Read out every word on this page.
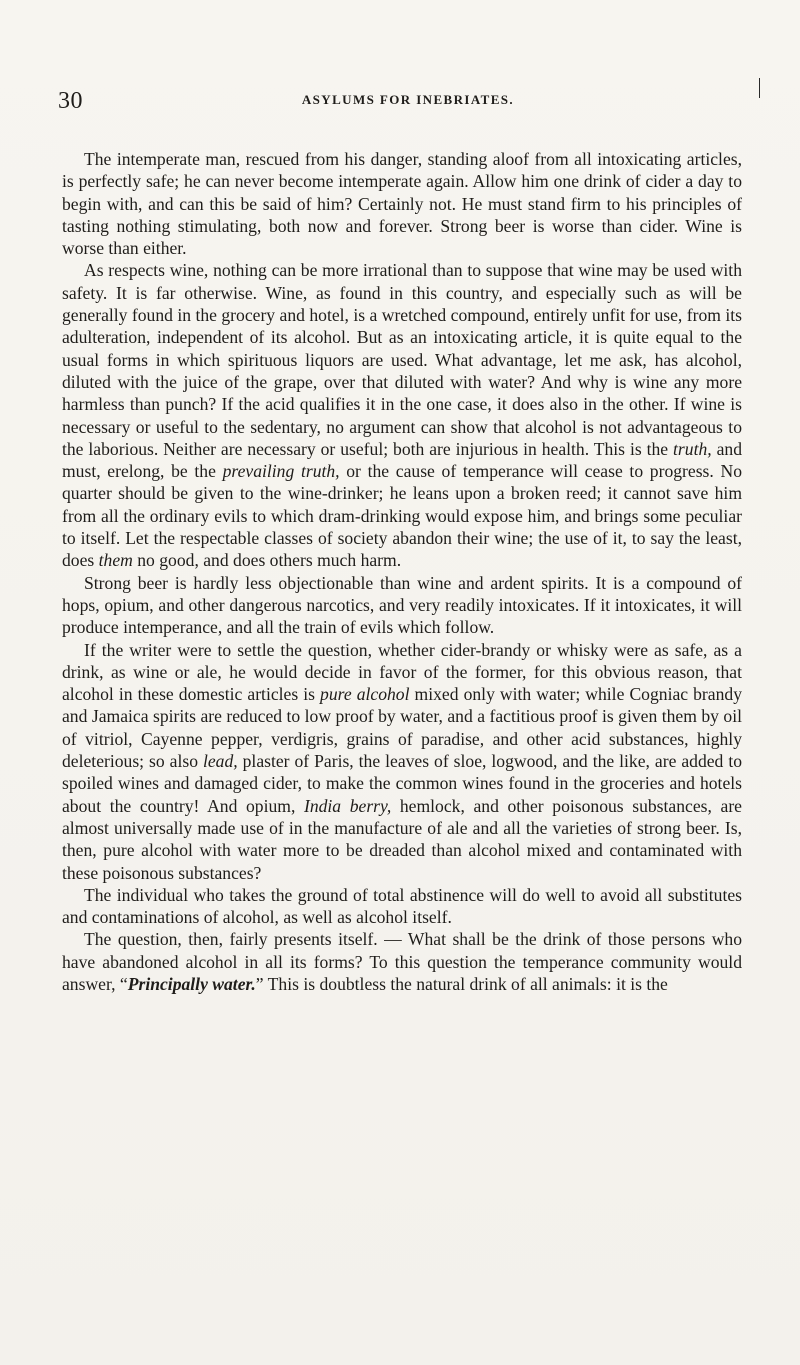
30	ASYLUMS FOR INEBRIATES.

The intemperate man, rescued from his danger, standing aloof from all intoxicating articles, is perfectly safe; he can never become intemperate again. Allow him one drink of cider a day to begin with, and can this be said of him? Certainly not. He must stand firm to his principles of tasting nothing stimulating, both now and forever. Strong beer is worse than cider. Wine is worse than either.

As respects wine, nothing can be more irrational than to suppose that wine may be used with safety. It is far otherwise. Wine, as found in this country, and especially such as will be generally found in the grocery and hotel, is a wretched compound, entirely unfit for use, from its adulteration, independent of its alcohol. But as an intoxicating article, it is quite equal to the usual forms in which spirituous liquors are used. What advantage, let me ask, has alcohol, diluted with the juice of the grape, over that diluted with water? And why is wine any more harmless than punch? If the acid qualifies it in the one case, it does also in the other. If wine is necessary or useful to the sedentary, no argument can show that alcohol is not advantageous to the laborious. Neither are necessary or useful; both are injurious in health. This is the truth, and must, erelong, be the prevailing truth, or the cause of temperance will cease to progress. No quarter should be given to the wine-drinker; he leans upon a broken reed; it cannot save him from all the ordinary evils to which dram-drinking would expose him, and brings some peculiar to itself. Let the respectable classes of society abandon their wine; the use of it, to say the least, does them no good, and does others much harm.

Strong beer is hardly less objectionable than wine and ardent spirits. It is a compound of hops, opium, and other dangerous narcotics, and very readily intoxicates. If it intoxicates, it will produce intemperance, and all the train of evils which follow.

If the writer were to settle the question, whether cider-brandy or whisky were as safe, as a drink, as wine or ale, he would decide in favor of the former, for this obvious reason, that alcohol in these domestic articles is pure alcohol mixed only with water; while Cogniac brandy and Jamaica spirits are reduced to low proof by water, and a factitious proof is given them by oil of vitriol, Cayenne pepper, verdigris, grains of paradise, and other acid substances, highly deleterious; so also lead, plaster of Paris, the leaves of sloe, logwood, and the like, are added to spoiled wines and damaged cider, to make the common wines found in the groceries and hotels about the country! And opium, India berry, hemlock, and other poisonous substances, are almost universally made use of in the manufacture of ale and all the varieties of strong beer. Is, then, pure alcohol with water more to be dreaded than alcohol mixed and contaminated with these poisonous substances?

The individual who takes the ground of total abstinence will do well to avoid all substitutes and contaminations of alcohol, as well as alcohol itself.

The question, then, fairly presents itself. — What shall be the drink of those persons who have abandoned alcohol in all its forms? To this question the temperance community would answer, “Principally water.” This is doubtless the natural drink of all animals: it is the
